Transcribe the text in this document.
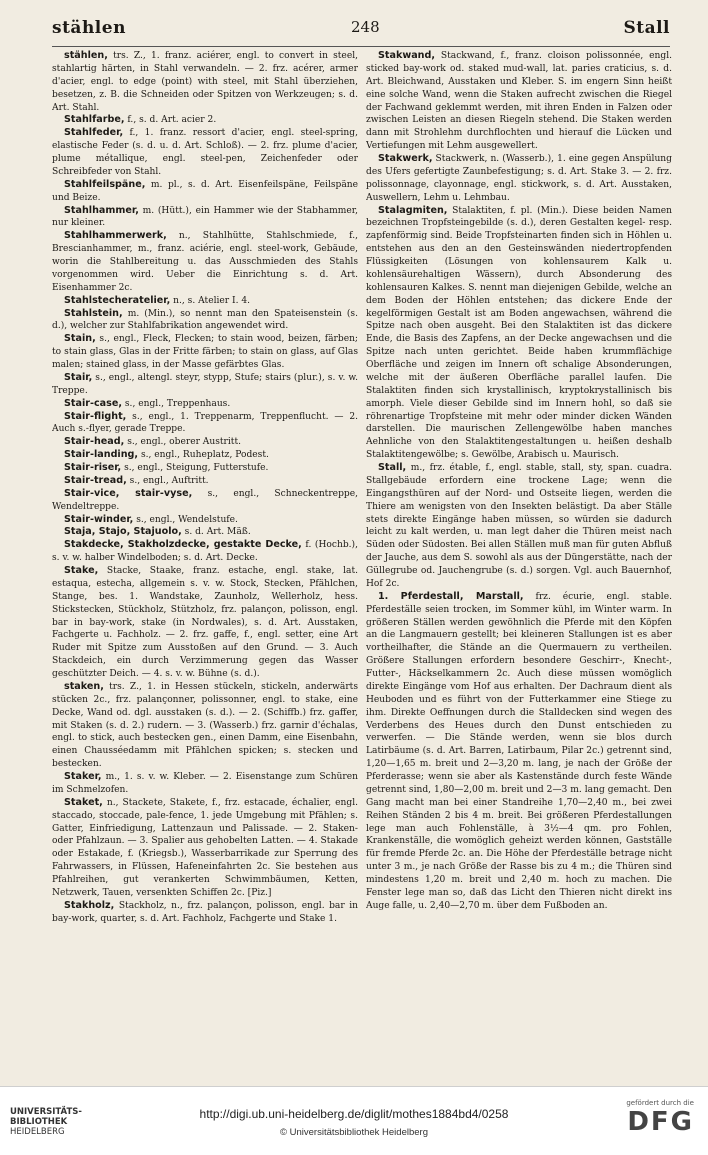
stählen	248	Stall

stählen, trs. Z., 1. franz. aciérer, engl. to convert in steel, stahlartig härten, in Stahl verwandeln. — 2. frz. acérer, armer d'acier, engl. to edge (point) with steel, mit Stahl überziehen, besetzen, z. B. die Schneiden oder Spitzen von Werkzeugen; s. d. Art. Stahl.

Stahlfarbe, f., s. d. Art. acier 2.

Stahlfeder, f., 1. franz. ressort d'acier, engl. steel-spring, elastische Feder (s. d. u. d. Art. Schloß). — 2. frz. plume d'acier, plume métallique, engl. steel-pen, Zeichenfeder oder Schreibfeder von Stahl.

Stahlfeilspäne, m. pl., s. d. Art. Eisenfeilspäne, Feilspäne und Beize.

Stahlhammer, m. (Hütt.), ein Hammer wie der Stabhammer, nur kleiner.

Stahlhammerwerk, n., Stahlhütte, Stahlschmiede, f., Brescianhammer, m., franz. aciérie, engl. steel-work, Gebäude, worin die Stahlbereitung u. das Ausschmieden des Stahls vorgenommen wird. Ueber die Einrichtung s. d. Art. Eisenhammer 2c.

Stahlstecheratelier, n., s. Atelier I. 4.

Stahlstein, m. (Min.), so nennt man den Spateisenstein (s. d.), welcher zur Stahlfabrikation angewendet wird.

Stain, s., engl., Fleck, Flecken; to stain wood, beizen, färben; to stain glass, Glas in der Fritte färben; to stain on glass, auf Glas malen; stained glass, in der Masse gefärbtes Glas.

Stair, s., engl., altengl. steyr, stypp, Stufe; stairs (plur.), s. v. w. Treppe.

Stair-case, s., engl., Treppenhaus.

Stair-flight, s., engl., 1. Treppenarm, Treppenflucht. — 2. Auch s.-flyer, gerade Treppe.

Stair-head, s., engl., oberer Austritt.

Stair-landing, s., engl., Ruheplatz, Podest.

Stair-riser, s., engl., Steigung, Futterstufe.

Stair-tread, s., engl., Auftritt.

Stair-vice, stair-vyse, s., engl., Schneckentreppe, Wendeltreppe.

Stair-winder, s., engl., Wendelstufe.

Staja, Stajo, Stajuolo, s. d. Art. Mäß.

Stakdecke, Stakholzdecke, gestakte Decke, f. (Hochb.), s. v. w. halber Windelboden; s. d. Art. Decke.

Stake, Stacke, Staake, franz. estache, engl. stake, lat. estaqua, estecha, allgemein s. v. w. Stock, Stecken, Pfählchen, Stange, bes. 1. Wandstake, Zaunholz, Wellerholz, hess. Stickstecken, Stückholz, Stützholz, frz. palançon, polisson, engl. bar in bay-work, stake (in Nordwales), s. d. Art. Ausstaken, Fachgerte u. Fachholz. — 2. frz. gaffe, f., engl. setter, eine Art Ruder mit Spitze zum Ausstoßen auf den Grund. — 3. Auch Stackdeich, ein durch Verzimmerung gegen das Wasser geschützter Deich. — 4. s. v. w. Bühne (s. d.).

staken, trs. Z., 1. in Hessen stückeln, stickeln, anderwärts stücken 2c., frz. palançonner, polissonner, engl. to stake, eine Decke, Wand od. dgl. ausstaken (s. d.). — 2. (Schiffb.) frz. gaffer, mit Staken (s. d. 2.) rudern. — 3. (Wasserb.) frz. garnir d'échalas, engl. to stick, auch bestecken gen., einen Damm, eine Eisenbahn, einen Chausséedamm mit Pfählchen spicken; s. stecken und bestecken.

Staker, m., 1. s. v. w. Kleber. — 2. Eisenstange zum Schüren im Schmelzofen.

Staket, n., Stackete, Stakete, f., frz. estacade, échalier, engl. staccado, stoccade, pale-fence, 1. jede Umgebung mit Pfählen; s. Gatter, Einfriedigung, Lattenzaun und Palissade. — 2. Staken- oder Pfahlzaun. — 3. Spalier aus gehobelten Latten. — 4. Stakade oder Estakade, f. (Kriegsb.), Wasserbarrikade zur Sperrung des Fahrwassers, in Flüssen, Hafeneinfahrten 2c. Sie bestehen aus Pfahlreihen, gut verankerten Schwimmbäumen, Ketten, Netzwerk, Tauen, versenkten Schiffen 2c. [Piz.]

Stakholz, Stackholz, n., frz. palançon, polisson, engl. bar in bay-work, quarter, s. d. Art. Fachholz, Fachgerte und Stake 1.

Stakwand, Stackwand, f., franz. cloison polissonnée, engl. sticked bay-work od. staked mud-wall, lat. paries craticius, s. d. Art. Bleichwand, Ausstaken und Kleber. S. im engern Sinn heißt eine solche Wand, wenn die Staken aufrecht zwischen die Riegel der Fachwand geklemmt werden, mit ihren Enden in Falzen oder zwischen Leisten an diesen Riegeln stehend. Die Staken werden dann mit Strohlehm durchflochten und hierauf die Lücken und Vertiefungen mit Lehm ausgewellert.

Stakwerk, Stackwerk, n. (Wasserb.), 1. eine gegen Anspülung des Ufers gefertigte Zaunbefestigung; s. d. Art. Stake 3. — 2. frz. polissonnage, clayonnage, engl. stickwork, s. d. Art. Ausstaken, Auswellern, Lehm u. Lehmbau.

Stalagmiten, Stalaktiten, f. pl. (Min.). Diese beiden Namen bezeichnen Tropfsteingebilde (s. d.), deren Gestalten kegel- resp. zapfenförmig sind. Beide Tropfsteinarten finden sich in Höhlen u. entstehen aus den an den Gesteinswänden niedertropfenden Flüssigkeiten (Lösungen von kohlensaurem Kalk u. kohlensäurehaltigen Wässern), durch Absonderung des kohlensauren Kalkes. S. nennt man diejenigen Gebilde, welche an dem Boden der Höhlen entstehen; das dickere Ende der kegelförmigen Gestalt ist am Boden angewachsen, während die Spitze nach oben ausgeht. Bei den Stalaktiten ist das dickere Ende, die Basis des Zapfens, an der Decke angewachsen und die Spitze nach unten gerichtet. Beide haben krummflächige Oberfläche und zeigen im Innern oft schalige Absonderungen, welche mit der äußeren Oberfläche parallel laufen. Die Stalaktiten finden sich krystallinisch, kryptokrystallinisch bis amorph. Viele dieser Gebilde sind im Innern hohl, so daß sie röhrenartige Tropfsteine mit mehr oder minder dicken Wänden darstellen. Die maurischen Zellengewölbe haben manches Aehnliche von den Stalaktitengestaltungen u. heißen deshalb Stalaktitengewölbe; s. Gewölbe, Arabisch u. Maurisch.

Stall, m., frz. étable, f., engl. stable, stall, sty, span. cuadra. Stallgebäude erfordern eine trockene Lage; wenn die Eingangsthüren auf der Nord- und Ostseite liegen, werden die Thiere am wenigsten von den Insekten belästigt. Da aber Ställe stets direkte Eingänge haben müssen, so würden sie dadurch leicht zu kalt werden, u. man legt daher die Thüren meist nach Süden oder Südosten. Bei allen Ställen muß man für guten Abfluß der Jauche, aus dem S. sowohl als aus der Düngerstätte, nach der Güllegrube od. Jauchengrube (s. d.) sorgen. Vgl. auch Bauernhof, Hof 2c.

1. Pferdestall, Marstall, frz. écurie, engl. stable. Pferdeställe seien trocken, im Sommer kühl, im Winter warm. In größeren Ställen werden gewöhnlich die Pferde mit den Köpfen an die Langmauern gestellt; bei kleineren Stallungen ist es aber vortheilhafter, die Stände an die Quermauern zu vertheilen. Größere Stallungen erfordern besondere Geschirr-, Knecht-, Futter-, Häckselkammern 2c. Auch diese müssen womöglich direkte Eingänge vom Hof aus erhalten. Der Dachraum dient als Heuboden und es führt von der Futterkammer eine Stiege zu ihm. Direkte Oeffnungen durch die Stalldecken sind wegen des Verderbens des Heues durch den Dunst entschieden zu verwerfen. — Die Stände werden, wenn sie blos durch Latirbäume (s. d. Art. Barren, Latirbaum, Pilar 2c.) getrennt sind, 1,20—1,65 m. breit und 2—3,20 m. lang, je nach der Größe der Pferderasse; wenn sie aber als Kastenstände durch feste Wände getrennt sind, 1,80—2,00 m. breit und 2—3 m. lang gemacht. Den Gang macht man bei einer Standreihe 1,70—2,40 m., bei zwei Reihen Ständen 2 bis 4 m. breit. Bei größeren Pferdestallungen lege man auch Fohlenställe, à 3½—4 qm. pro Fohlen, Krankenställe, die womöglich geheizt werden können, Gastställe für fremde Pferde 2c. an. Die Höhe der Pferdeställe betrage nicht unter 3 m., je nach Größe der Rasse bis zu 4 m.; die Thüren sind mindestens 1,20 m. breit und 2,40 m. hoch zu machen. Die Fenster lege man so, daß das Licht den Thieren nicht direkt ins Auge falle, u. 2,40—2,70 m. über dem Fußboden an.

UNIVERSITÄTS-
BIBLIOTHEK
HEIDELBERG
http://digi.ub.uni-heidelberg.de/diglit/mothes1884bd4/0258
© Universitätsbibliothek Heidelberg
gefördert durch die
DFG
